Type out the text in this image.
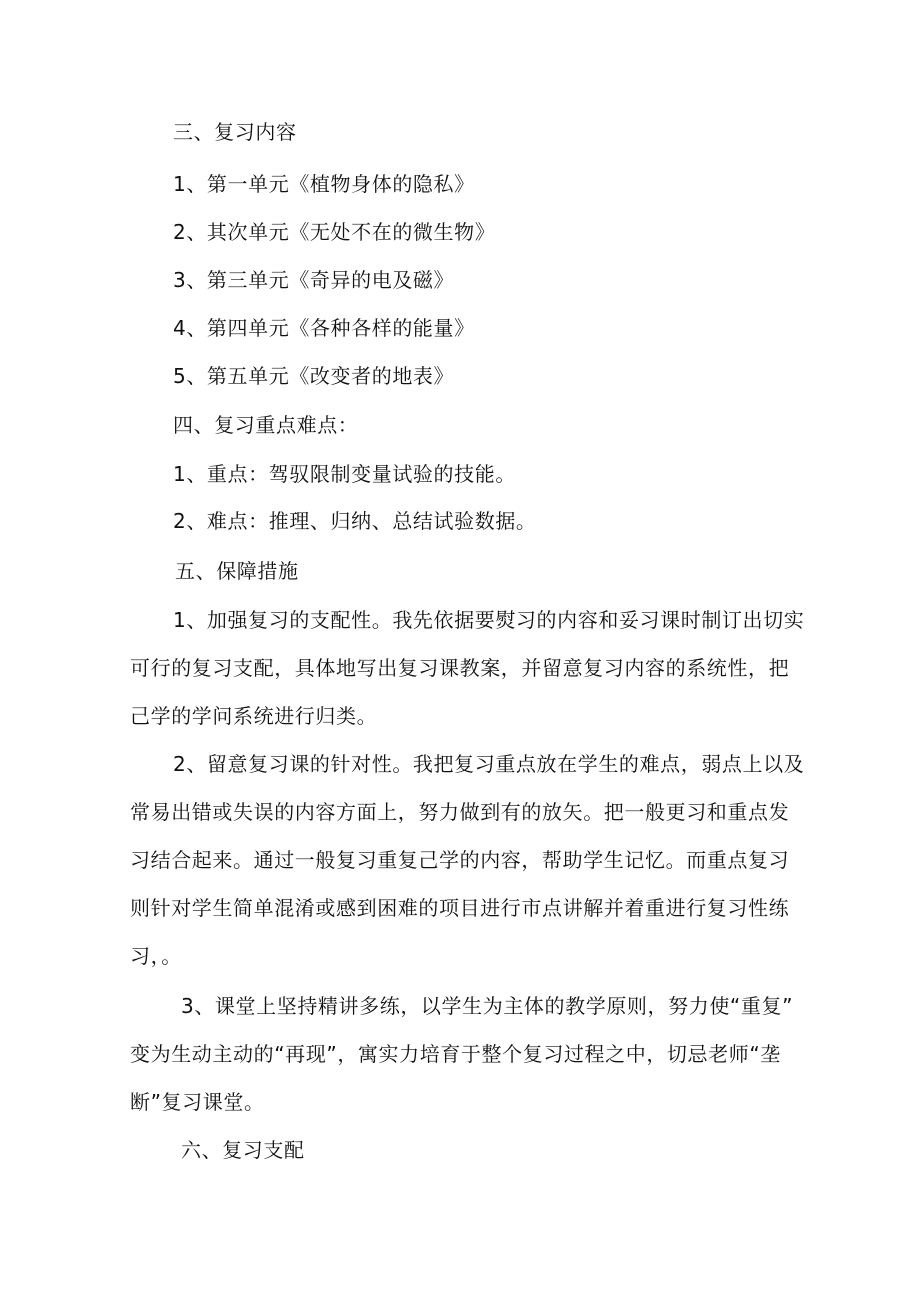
三、复习内容
1、第一单元《植物身体的隐私》
2、其次单元《无处不在的微生物》
3、第三单元《奇异的电及磁》
4、第四单元《各种各样的能量》
5、第五单元《改变者的地表》
四、复习重点难点：
1、重点：驾驭限制变量试验的技能。
2、难点：推理、归纳、总结试验数据。
五、保障措施
1、加强复习的支配性。我先依据要熨习的内容和妥习课时制订出切实
可行的复习支配，具体地写出复习课教案，并留意复习内容的系统性，把
己学的学问系统进行归类。
2、留意复习课的针对性。我把复习重点放在学生的难点，弱点上以及
常易出错或失误的内容方面上，努力做到有的放矢。把一般更习和重点发
习结合起来。通过一般复习重复己学的内容，帮助学生记忆。而重点复习
则针对学生简单混淆或感到困难的项目进行市点讲解并着重进行复习性练
习，。
3、课堂上坚持精讲多练，以学生为主体的教学原则，努力使“重复”
变为生动主动的“再现”，寓实力培育于整个复习过程之中，切忌老师“垄
断”复习课堂。
六、复习支配
